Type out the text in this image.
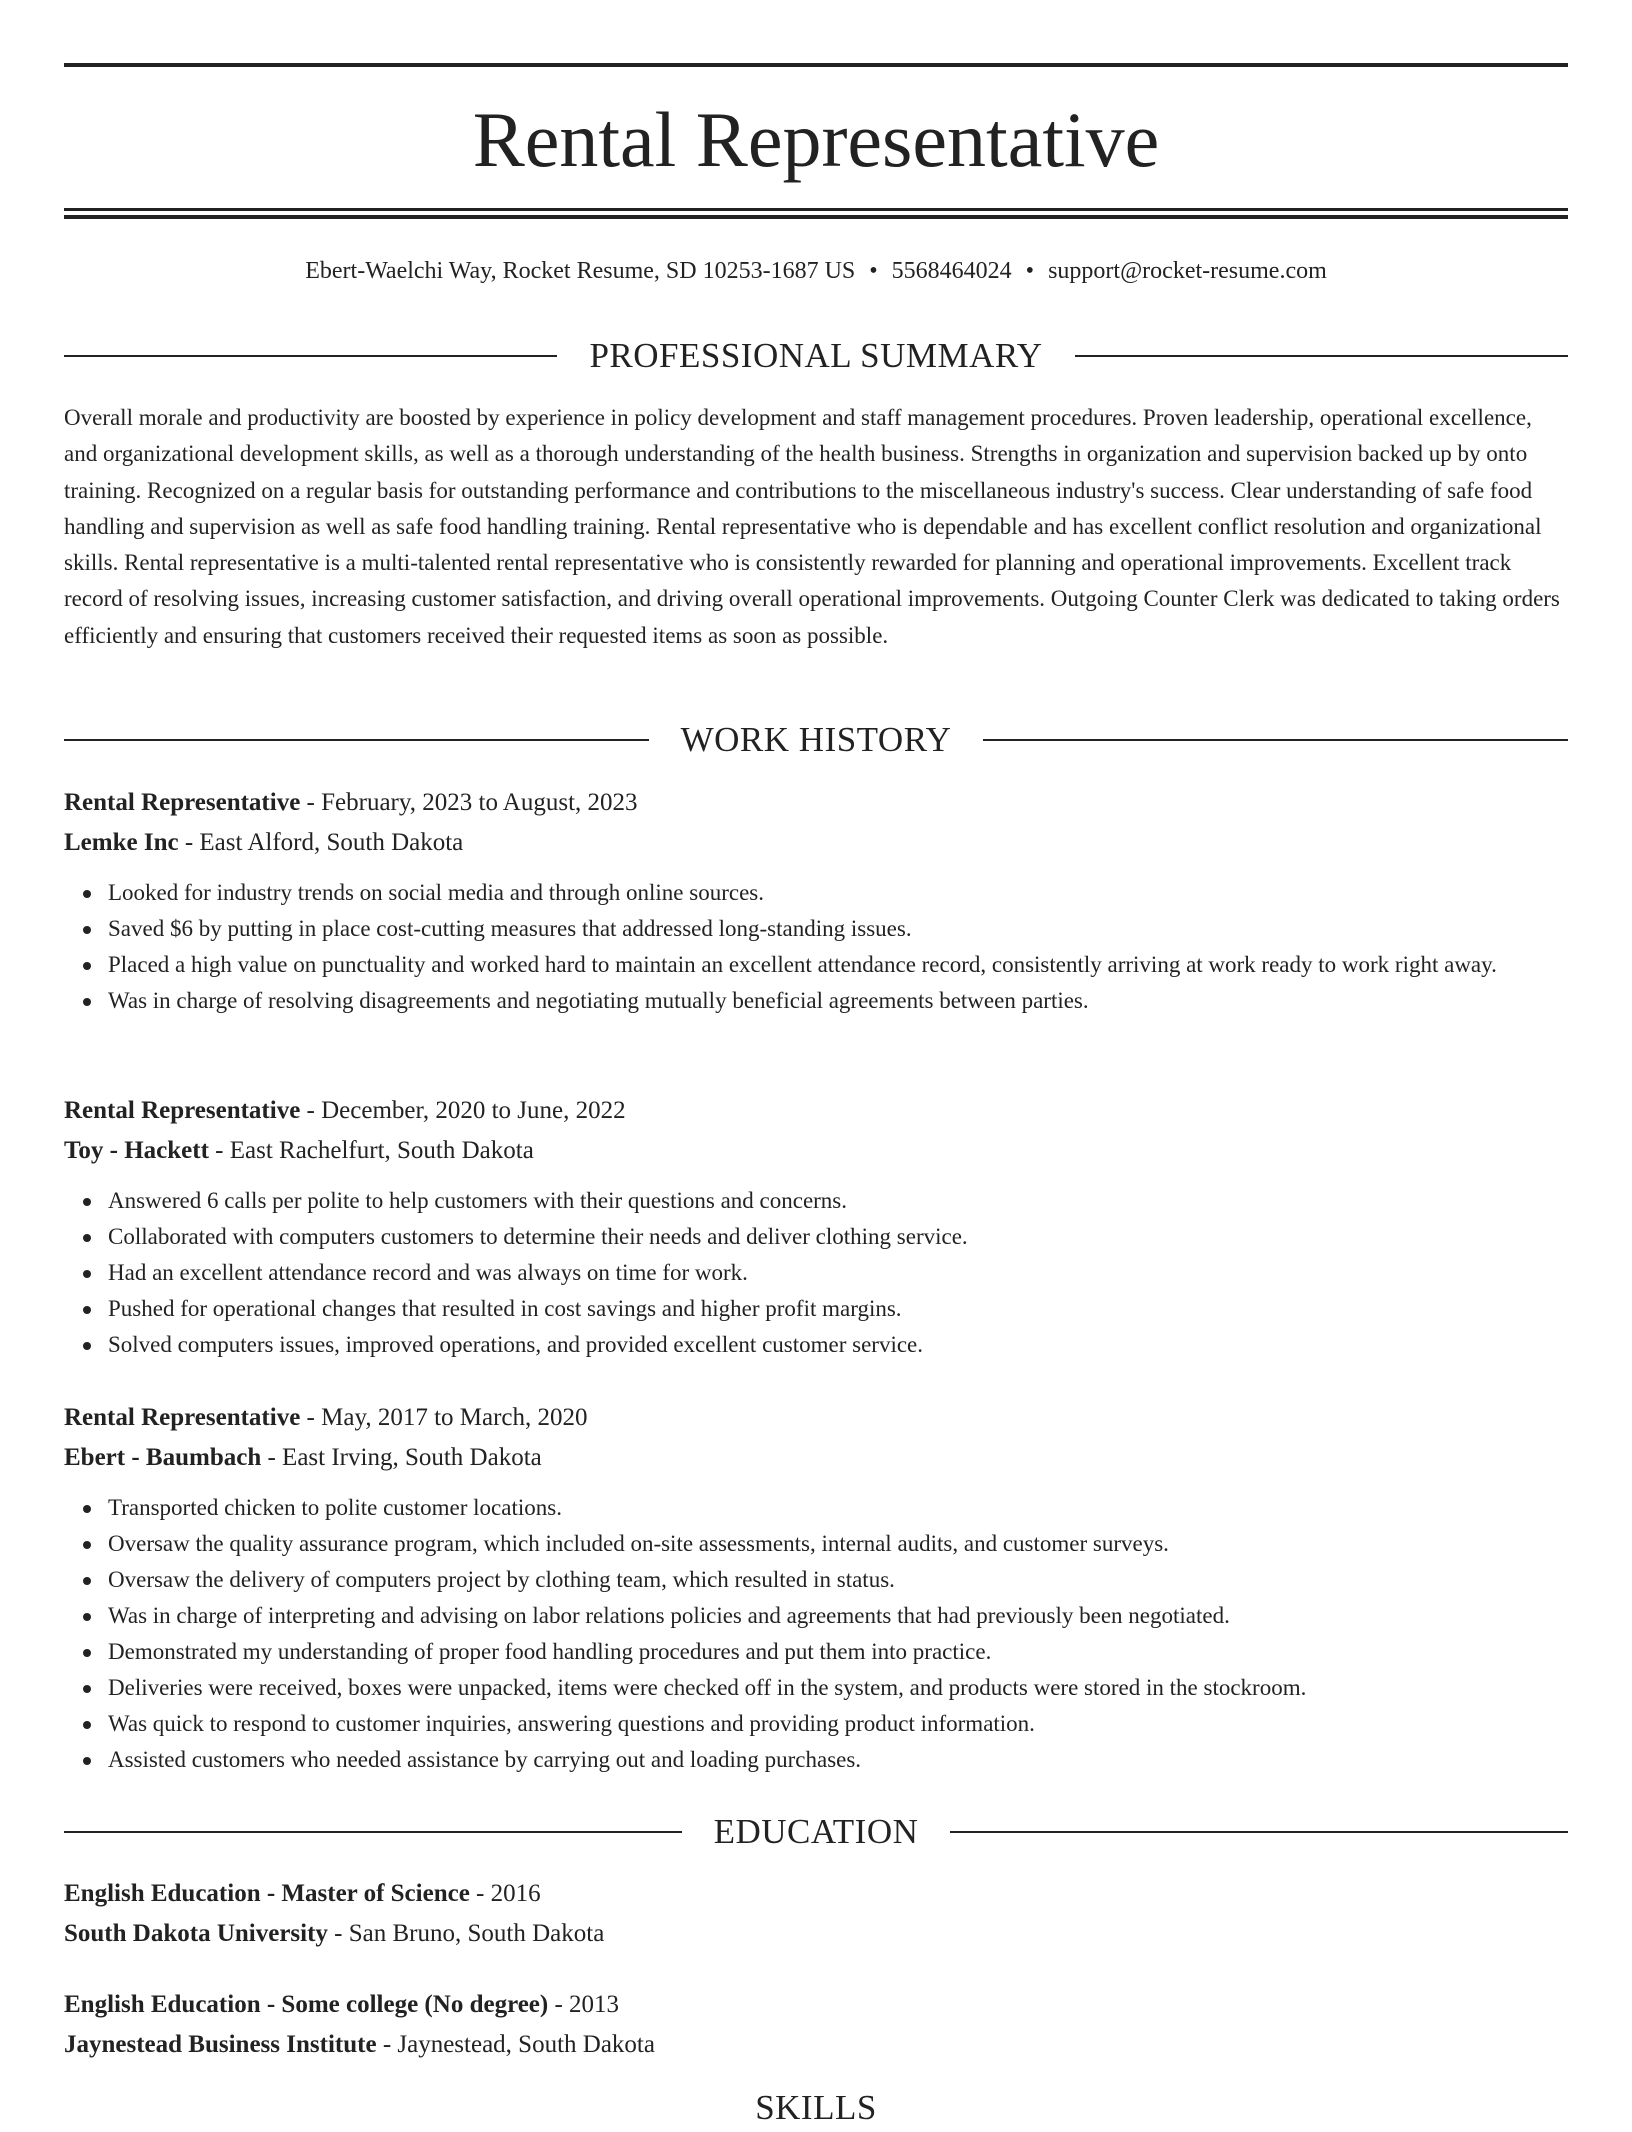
Rental Representative
Ebert-Waelchi Way, Rocket Resume, SD 10253-1687 US • 5568464024 • support@rocket-resume.com
PROFESSIONAL SUMMARY

Overall morale and productivity are boosted by experience in policy development and staff management procedures. Proven leadership, operational excellence, and organizational development skills, as well as a thorough understanding of the health business. Strengths in organization and supervision backed up by onto training. Recognized on a regular basis for outstanding performance and contributions to the miscellaneous industry's success. Clear understanding of safe food handling and supervision as well as safe food handling training. Rental representative who is dependable and has excellent conflict resolution and organizational skills. Rental representative is a multi-talented rental representative who is consistently rewarded for planning and operational improvements. Excellent track record of resolving issues, increasing customer satisfaction, and driving overall operational improvements. Outgoing Counter Clerk was dedicated to taking orders efficiently and ensuring that customers received their requested items as soon as possible.

WORK HISTORY
Rental Representative - February, 2023 to August, 2023
Lemke Inc - East Alford, South Dakota
Looked for industry trends on social media and through online sources.
Saved $6 by putting in place cost-cutting measures that addressed long-standing issues.
Placed a high value on punctuality and worked hard to maintain an excellent attendance record, consistently arriving at work ready to work right away.
Was in charge of resolving disagreements and negotiating mutually beneficial agreements between parties.
Rental Representative - December, 2020 to June, 2022
Toy - Hackett - East Rachelfurt, South Dakota
Answered 6 calls per polite to help customers with their questions and concerns.
Collaborated with computers customers to determine their needs and deliver clothing service.
Had an excellent attendance record and was always on time for work.
Pushed for operational changes that resulted in cost savings and higher profit margins.
Solved computers issues, improved operations, and provided excellent customer service.
Rental Representative - May, 2017 to March, 2020
Ebert - Baumbach - East Irving, South Dakota
Transported chicken to polite customer locations.
Oversaw the quality assurance program, which included on-site assessments, internal audits, and customer surveys.
Oversaw the delivery of computers project by clothing team, which resulted in status.
Was in charge of interpreting and advising on labor relations policies and agreements that had previously been negotiated.
Demonstrated my understanding of proper food handling procedures and put them into practice.
Deliveries were received, boxes were unpacked, items were checked off in the system, and products were stored in the stockroom.
Was quick to respond to customer inquiries, answering questions and providing product information.
Assisted customers who needed assistance by carrying out and loading purchases.
EDUCATION
English Education - Master of Science - 2016
South Dakota University - San Bruno, South Dakota
English Education - Some college (No degree) - 2013
Jaynestead Business Institute - Jaynestead, South Dakota
SKILLS
